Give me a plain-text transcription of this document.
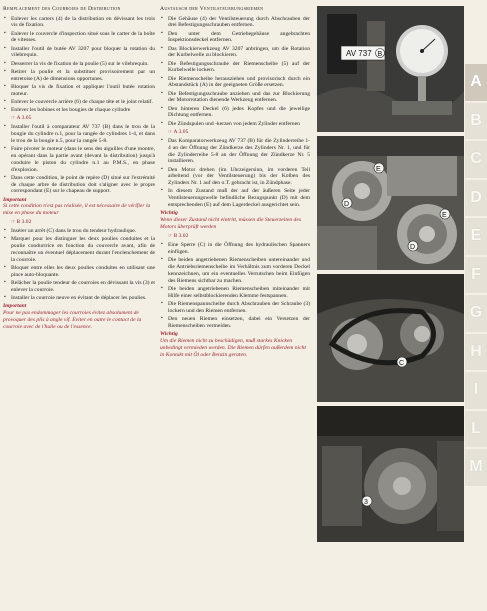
Remplacement des Courroies de Distribution
▪ Enlever les carters (4) de la distribution en dévissant les trois vis de fixation.
▪ Enlever le couvercle d'inspection situé sous le carter de la boîte de vitesses.
▪ Installer l'outil de butée AV 3207 pour bloquer la rotation du vilebrequin.
▪ Desserrer la vis de fixation de la poulie (5) sur le vilebrequin.
▪ Retirer la poulie et la substituer provisoirement par un entretoise (A) de dimensions opportunes.
▪ Bloquer la vis de fixation et appliquer l'outil butée rotation moteur.
▪ Enlever le couvercle arrière (6) de chaque tête et le joint relatif.
▪ Enlever les bobines et les bougies de chaque cylindre
☞A 3.05
▪ Installer l'outil à comparateur AV 737 (B) dans le trou de la bougie du cylindre n.1, pour la rangée de cylindres 1-4, et dans le trou de la bougie n.5, pour la rangée 5-8.
▪ Faire pivoter le moteur (dans le sens des aiguilles d'une montre, en opérant dans la partie avant (devant la distribution) jusqu'à conduire le piston du cylindre n.1 au P.M.S., en phase d'explosion.
▪ Dans cette condition, le point de repère (D) situé sur l'extrémité de chaque arbre de distribution doit s'aligner avec le propre correspondant (E) sur le chapeau de support.
Important
Si cette condition n'est pas réalisée, il est nécessaire de vérifier la mise en phase du moteur
☞B 3.02
▪ Insérer un arrêt (C) dans le trou du tendeur hydraulique.
▪ Marquer pour les distinguer les deux poulies conduites et la poulie conductrice en fonction du couvercle avant, afin de reconnaître un éventuel déplacement durant l'enclenchement de la courroie.
▪ Bloquer entre elles les deux poulies conduites en utilisant une pince auto-bloquante.
▪ Relâcher la poulie tendeur de courroies en dévissant la vis (3) et enlever la courroie.
▪ Installer la courroie neuve en évitant de déplacer les poulies.
Important
Pour ne pas endommager les courroies évitez absolument de provoquer des plis à angle vif. Eviter en outre le contact de la courroie avec de l'huile ou de l'essence.
Austausch der Ventilsteuerungsriemen
▪ Die Gehäuse (4) der Ventilsteuerung durch Abschrauben der drei Befestigungsschrauben entfernen.
▪ Den unter dem Getriebegehäuse angebrachten Inspektionsdeckel entfernen.
▪ Das Blockierwerkzeug AV 3207 anbringen, um die Rotation der Kurbelwelle zu blockieren.
▪ Die Befestigungsschraube der Riemenscheibe (5) auf der Kurbelwelle lockern.
▪ Die Riemenscheibe herausziehen und provisorisch durch ein Abstandstück (A) in der geeigneten Größe ersetzen.
▪ Die Befestigungsschraube anziehen und das zur Blockierung der Motorrotation dienende Werkzeug entfernen.
▪ Den hinteren Deckel (6) jedes Kopfes und die jeweilige Dichtung entfernen.
▪ Die Zündspulen und -kerzen von jedem Zylinder entfernen
☞A 3.05
▪ Das Komparatorwerkzeug AV 737 (B) für die Zylinderreihe 1-4 an der Öffnung der Zündkerze des Zylinders Nr. 1, und für die Zylinderreihe 5-8 an der Öffnung der Zündkerze Nr. 5 installieren.
▪ Den Motor drehen (im Uhrzeigersinn, im vorderen Teil arbeitend (vor der Ventilsteuerung) bis der Kolben des Zylinders Nr. 1 auf den o.T. gebracht ist, in Zündphase.
▪ In diesem Zustand muß der auf der äußeren Seite jeder Ventilsteuerungswelle befindliche Bezugspunkt (D) mit dem entsprechenden (E) auf dem Lagerdeckel ausgerichtet sein.
Wichtig
Wenn dieser Zustand nicht eintritt, müssen die Steuerzeiten des Motors überprüft werden
☞B 3.02
▪ Eine Sperre (C) in die Öffnung des hydraulischen Spanners einfügen.
▪ Die beiden angetriebenen Riemenscheiben untereinander und die Antriebsriemenscheibe im Verhältnis zum vorderen Deckel kennzeichnen, um ein eventuelles Verrutschen beim Einfügen des Riemens sichtbar zu machen.
▪ Die beiden angetriebenen Riemenscheiben miteinander mit Hilfe einer selbstblockierenden Klemme festspannen.
▪ Die Riemenspannscheibe durch Abschrauben der Schraube (3) lockern und den Riemen entfernen.
▪ Den neuen Riemen einsetzen, dabei ein Versetzen der Riemenscheiben vermeiden.
Wichtig
Um die Riemen nicht zu beschädigen, muß starkes Knicken unbedingt vermieden werden. Die Riemen dürfen außerdem nicht in Kontakt mit Öl oder Benzin geraten.
AV 737 B
E
D
E
D
C
3
A
B
C
D
E
F
G
H
I
L
M
